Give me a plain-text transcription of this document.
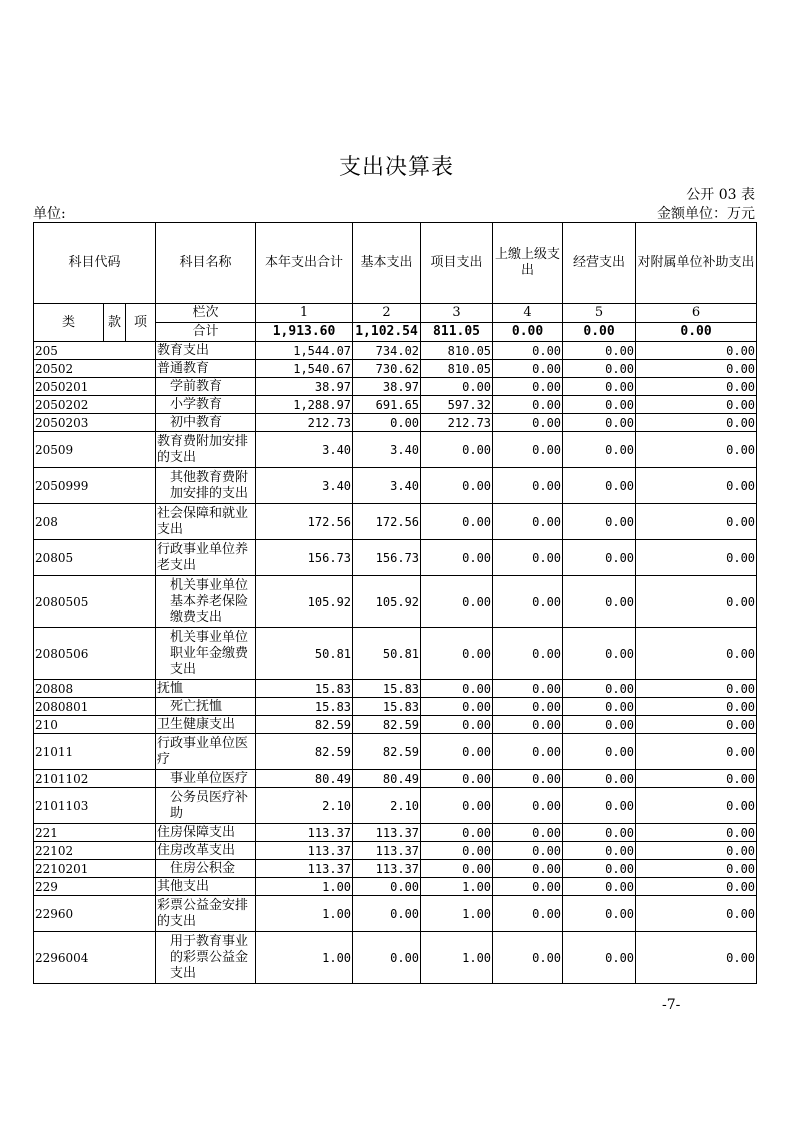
支出决算表
公开 03 表
单位:	金额单位：万元
科目代码			科目名称	本年支出合计	基本支出	项目支出	上缴上级支出	经营支出	对附属单位补助支出
类	款	项	栏次	1	2	3	4	5	6
			合计	1,913.60	1,102.54	811.05	0.00	0.00	0.00
205			教育支出	1,544.07	734.02	810.05	0.00	0.00	0.00
20502			普通教育	1,540.67	730.62	810.05	0.00	0.00	0.00
2050201			学前教育	38.97	38.97	0.00	0.00	0.00	0.00
2050202			小学教育	1,288.97	691.65	597.32	0.00	0.00	0.00
2050203			初中教育	212.73	0.00	212.73	0.00	0.00	0.00
20509			教育费附加安排的支出	3.40	3.40	0.00	0.00	0.00	0.00
2050999			其他教育费附加安排的支出	3.40	3.40	0.00	0.00	0.00	0.00
208			社会保障和就业支出	172.56	172.56	0.00	0.00	0.00	0.00
20805			行政事业单位养老支出	156.73	156.73	0.00	0.00	0.00	0.00
2080505			机关事业单位基本养老保险缴费支出	105.92	105.92	0.00	0.00	0.00	0.00
2080506			机关事业单位职业年金缴费支出	50.81	50.81	0.00	0.00	0.00	0.00
20808			抚恤	15.83	15.83	0.00	0.00	0.00	0.00
2080801			死亡抚恤	15.83	15.83	0.00	0.00	0.00	0.00
210			卫生健康支出	82.59	82.59	0.00	0.00	0.00	0.00
21011			行政事业单位医疗	82.59	82.59	0.00	0.00	0.00	0.00
2101102			事业单位医疗	80.49	80.49	0.00	0.00	0.00	0.00
2101103			公务员医疗补助	2.10	2.10	0.00	0.00	0.00	0.00
221			住房保障支出	113.37	113.37	0.00	0.00	0.00	0.00
22102			住房改革支出	113.37	113.37	0.00	0.00	0.00	0.00
2210201			住房公积金	113.37	113.37	0.00	0.00	0.00	0.00
229			其他支出	1.00	0.00	1.00	0.00	0.00	0.00
22960			彩票公益金安排的支出	1.00	0.00	1.00	0.00	0.00	0.00
2296004			用于教育事业的彩票公益金支出	1.00	0.00	1.00	0.00	0.00	0.00
-7-
